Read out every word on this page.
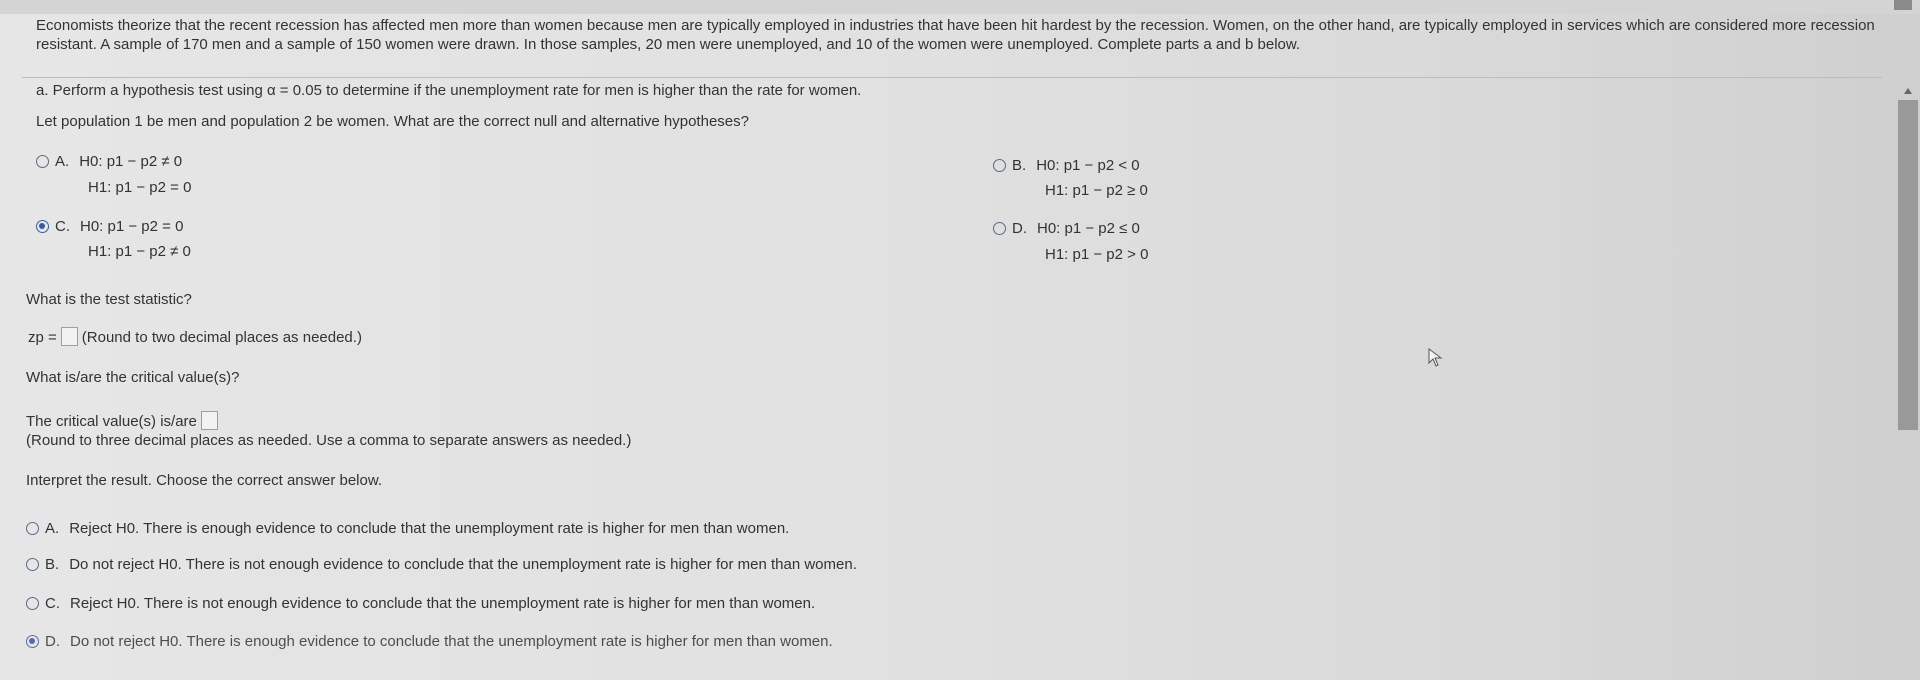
Economists theorize that the recent recession has affected men more than women because men are typically employed in industries that have been hit hardest by the recession. Women, on the other hand, are typically employed in services which are considered more recession resistant. A sample of 170 men and a sample of 150 women were drawn. In those samples, 20 men were unemployed, and 10 of the women were unemployed. Complete parts a and b below.
a. Perform a hypothesis test using α = 0.05 to determine if the unemployment rate for men is higher than the rate for women.
Let population 1 be men and population 2 be women. What are the correct null and alternative hypotheses?
A. H0: p1 − p2 ≠ 0
H1: p1 − p2 = 0
B. H0: p1 − p2 < 0
H1: p1 − p2 ≥ 0
C. H0: p1 − p2 = 0
H1: p1 − p2 ≠ 0
D. H0: p1 − p2 ≤ 0
H1: p1 − p2 > 0
What is the test statistic?
zp = (Round to two decimal places as needed.)
What is/are the critical value(s)?
The critical value(s) is/are
(Round to three decimal places as needed. Use a comma to separate answers as needed.)
Interpret the result. Choose the correct answer below.
A. Reject H0. There is enough evidence to conclude that the unemployment rate is higher for men than women.
B. Do not reject H0. There is not enough evidence to conclude that the unemployment rate is higher for men than women.
C. Reject H0. There is not enough evidence to conclude that the unemployment rate is higher for men than women.
D. Do not reject H0. There is enough evidence to conclude that the unemployment rate is higher for men than women.
